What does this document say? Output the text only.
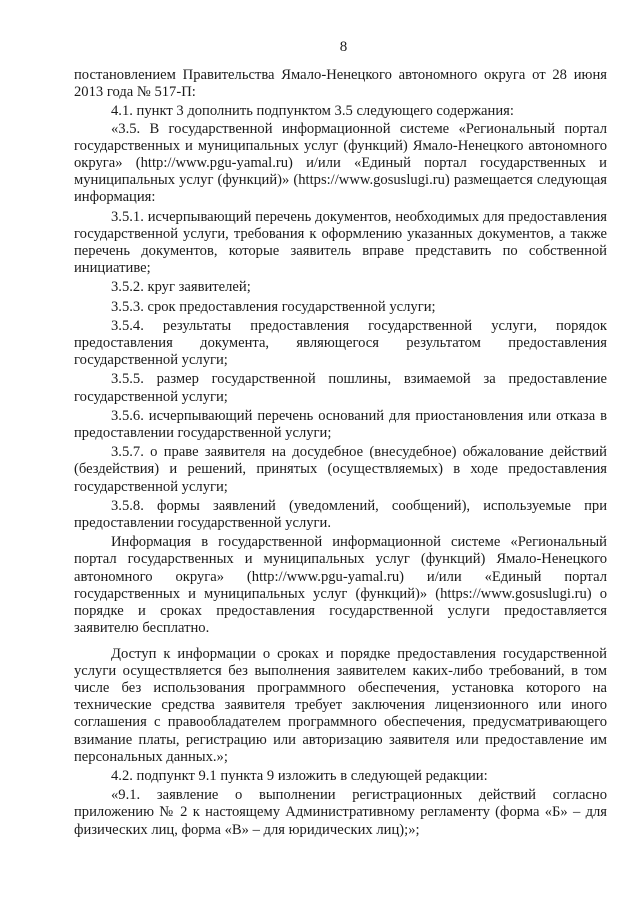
8

постановлением Правительства Ямало-Ненецкого автономного округа от 28 июня 2013 года № 517-П:

4.1. пункт 3 дополнить подпунктом 3.5 следующего содержания:

«3.5. В государственной информационной системе «Региональный портал государственных и муниципальных услуг (функций) Ямало-Ненецкого автономного округа» (http://www.pgu-yamal.ru) и/или «Единый портал государственных и муниципальных услуг (функций)» (https://www.gosuslugi.ru) размещается следующая информация:

3.5.1. исчерпывающий перечень документов, необходимых для предоставления государственной услуги, требования к оформлению указанных документов, а также перечень документов, которые заявитель вправе представить по собственной инициативе;

3.5.2. круг заявителей;

3.5.3. срок предоставления государственной услуги;

3.5.4. результаты предоставления государственной услуги, порядок предоставления документа, являющегося результатом предоставления государственной услуги;

3.5.5. размер государственной пошлины, взимаемой за предоставление государственной услуги;

3.5.6. исчерпывающий перечень оснований для приостановления или отказа в предоставлении государственной услуги;

3.5.7. о праве заявителя на досудебное (внесудебное) обжалование действий (бездействия) и решений, принятых (осуществляемых) в ходе предоставления государственной услуги;

3.5.8. формы заявлений (уведомлений, сообщений), используемые при предоставлении государственной услуги.

Информация в государственной информационной системе «Региональный портал государственных и муниципальных услуг (функций) Ямало-Ненецкого автономного округа» (http://www.pgu-yamal.ru) и/или «Единый портал государственных и муниципальных услуг (функций)» (https://www.gosuslugi.ru) о порядке и сроках предоставления государственной услуги предоставляется заявителю бесплатно.

Доступ к информации о сроках и порядке предоставления государственной услуги осуществляется без выполнения заявителем каких-либо требований, в том числе без использования программного обеспечения, установка которого на технические средства заявителя требует заключения лицензионного или иного соглашения с правообладателем программного обеспечения, предусматривающего взимание платы, регистрацию или авторизацию заявителя или предоставление им персональных данных.»;

4.2. подпункт 9.1 пункта 9 изложить в следующей редакции:

«9.1. заявление о выполнении регистрационных действий согласно приложению № 2 к настоящему Административному регламенту (форма «Б» – для физических лиц, форма «В» – для юридических лиц);»;
